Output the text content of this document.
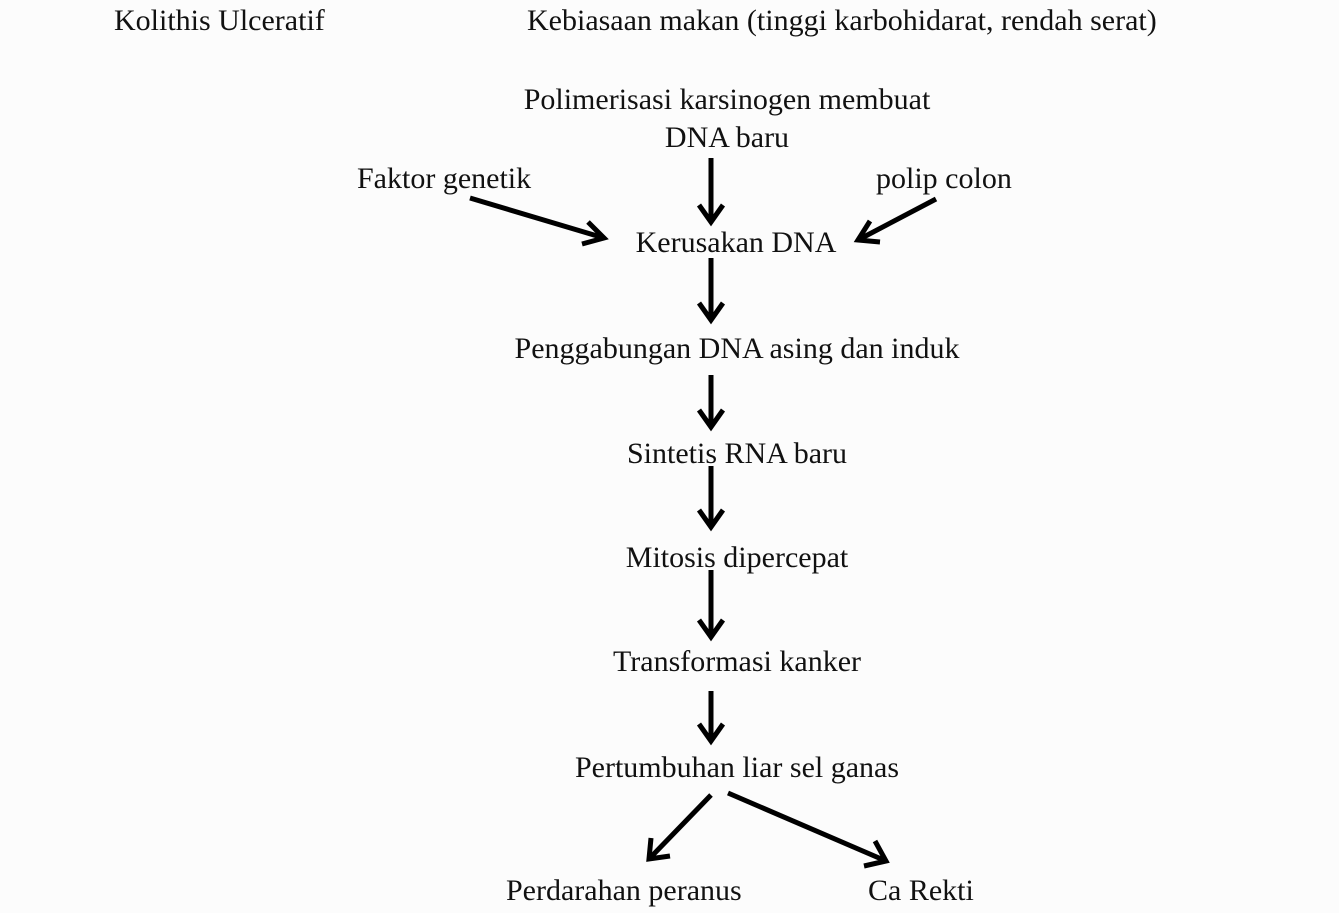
Kolithis Ulceratif	Kebiasaan makan (tinggi karbohidarat, rendah serat)
Polimerisasi karsinogen membuat
DNA baru
Faktor genetik	polip colon
Kerusakan DNA
Penggabungan DNA asing dan induk
Sintetis RNA baru
Mitosis dipercepat
Transformasi kanker
Pertumbuhan liar sel ganas
Perdarahan peranus	Ca Rekti
